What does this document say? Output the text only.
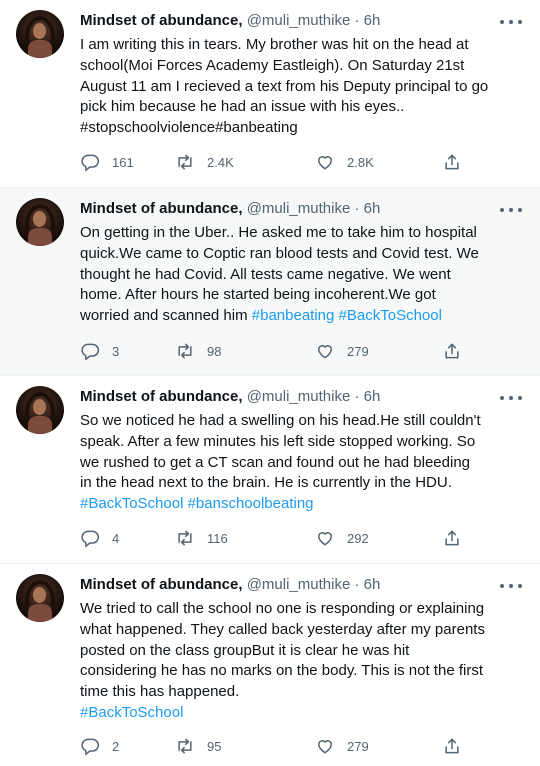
Mindset of abundance, @muli_muthike · 6h
I am writing this in tears. My brother was hit on the head at
school(Moi Forces Academy Eastleigh). On Saturday 21st
August 11 am I recieved a text from his Deputy principal to go
pick him because he had an issue with his eyes..
#stopschoolviolence#banbeating
161	2.4K	2.8K
Mindset of abundance, @muli_muthike · 6h
On getting in the Uber.. He asked me to take him to hospital
quick.We came to Coptic ran blood tests and Covid test. We
thought he had Covid. All tests came negative. We went
home. After hours he started being incoherent.We got
worried and scanned him #banbeating #BackToSchool
3	98	279
Mindset of abundance, @muli_muthike · 6h
So we noticed he had a swelling on his head.He still couldn't
speak. After a few minutes his left side stopped working. So
we rushed to get a CT scan and found out he had bleeding
in the head next to the brain. He is currently in the HDU.
#BackToSchool #banschoolbeating
4	116	292
Mindset of abundance, @muli_muthike · 6h
We tried to call the school no one is responding or explaining
what happened. They called back yesterday after my parents
posted on the class groupBut it is clear he was hit
considering he has no marks on the body. This is not the first
time this has happened.
#BackToSchool
2	95	279
